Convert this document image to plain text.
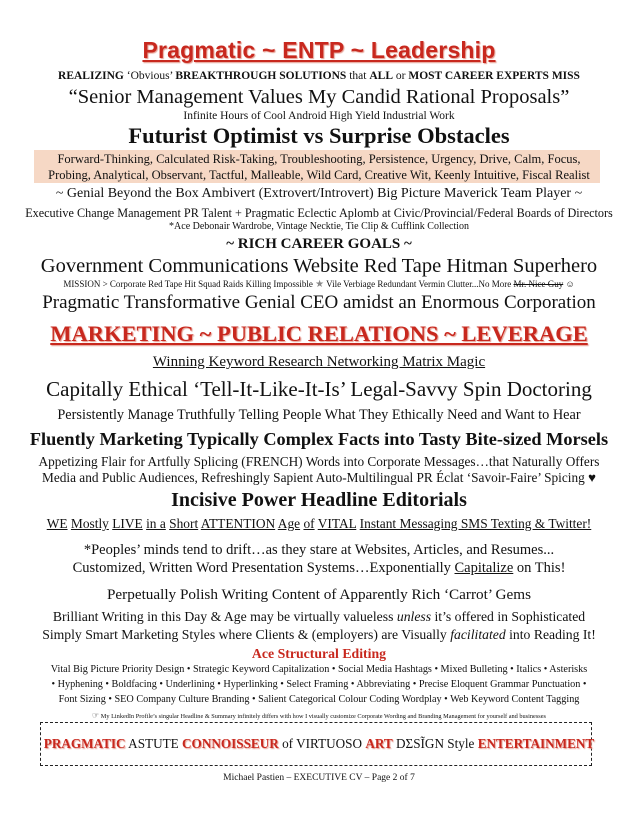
Pragmatic ~ ENTP ~ Leadership
REALIZING ‘Obvious’ BREAKTHROUGH SOLUTIONS that ALL or MOST CAREER EXPERTS MISS
“Senior Management Values My Candid Rational Proposals”
Infinite Hours of Cool Android High Yield Industrial Work
Futurist Optimist vs Surprise Obstacles
Forward-Thinking, Calculated Risk-Taking, Troubleshooting, Persistence, Urgency, Drive, Calm, Focus,
Probing, Analytical, Observant, Tactful, Malleable, Wild Card, Creative Wit, Keenly Intuitive, Fiscal Realist
~ Genial Beyond the Box Ambivert (Extrovert/Introvert) Big Picture Maverick Team Player ~
Executive Change Management PR Talent + Pragmatic Eclectic Aplomb at Civic/Provincial/Federal Boards of Directors
*Ace Debonair Wardrobe, Vintage Necktie, Tie Clip & Cufflink Collection
~ RICH CAREER GOALS ~
Government Communications Website Red Tape Hitman Superhero
MISSION > Corporate Red Tape Hit Squad Raids Killing Impossible ★ Vile Verbiage Redundant Vermin Clutter...No More Mr. Nice Guy ☺
Pragmatic Transformative Genial CEO amidst an Enormous Corporation
MARKETING ~ PUBLIC RELATIONS ~ LEVERAGE
Winning Keyword Research Networking Matrix Magic
Capitally Ethical ‘Tell-It-Like-It-Is’ Legal-Savvy Spin Doctoring
Persistently Manage Truthfully Telling People What They Ethically Need and Want to Hear
Fluently Marketing Typically Complex Facts into Tasty Bite-sized Morsels
Appetizing Flair for Artfully Splicing (FRENCH) Words into Corporate Messages…that Naturally Offers
Media and Public Audiences, Refreshingly Sapient Auto-Multilingual PR Éclat ‘Savoir-Faire’ Spicing ♥
Incisive Power Headline Editorials
WE Mostly LIVE in a Short ATTENTION Age of VITAL Instant Messaging SMS Texting & Twitter!
*Peoples’ minds tend to drift…as they stare at Websites, Articles, and Resumes...
Customized, Written Word Presentation Systems…Exponentially Capitalize on This!
Perpetually Polish Writing Content of Apparently Rich ‘Carrot’ Gems
Brilliant Writing in this Day & Age may be virtually valueless unless it’s offered in Sophisticated
Simply Smart Marketing Styles where Clients & (employers) are Visually facilitated into Reading It!
Ace Structural Editing
Vital Big Picture Priority Design • Strategic Keyword Capitalization • Social Media Hashtags • Mixed Bulleting • Italics • Asterisks
• Hyphening • Boldfacing • Underlining • Hyperlinking • Select Framing • Abbreviating • Precise Eloquent Grammar Punctuation •
Font Sizing • SEO Company Culture Branding • Salient Categorical Colour Coding Wordplay • Web Keyword Content Tagging
☞ My LinkedIn Profile’s singular Headline & Summary infinitely differs with how I visually customize Corporate Wording and Branding Management for yourself and businesses
PRAGMATIC ASTUTE CONNOISSEUR of VIRTUOSO ART DΣSĨGN Style ENTERTAINMENT
Michael Pastien – EXECUTIVE CV – Page 2 of 7
